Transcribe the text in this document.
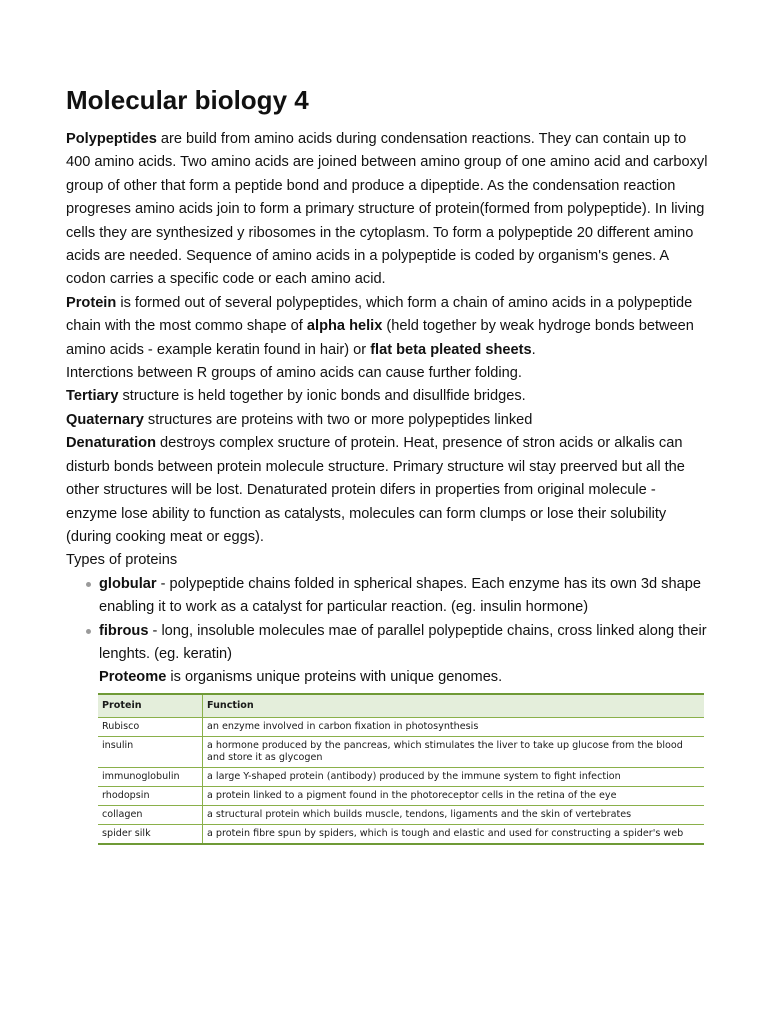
Molecular biology 4

Polypeptides are build from amino acids during condensation reactions. They can contain up to 400 amino acids. Two amino acids are joined between amino group of one amino acid and carboxyl group of other that form a peptide bond and produce a dipeptide. As the condensation reaction progreses amino acids join to form a primary structure of protein(formed from polypeptide). In living cells they are synthesized y ribosomes in the cytoplasm. To form a polypeptide 20 different amino acids are needed. Sequence of amino acids in a polypeptide is coded by organism's genes. A codon carries a specific code or each amino acid.

Protein is formed out of several polypeptides, which form a chain of amino acids in a polypeptide chain with the most commo shape of alpha helix (held together by weak hydroge bonds between amino acids - example keratin found in hair) or flat beta pleated sheets.

Interctions between R groups of amino acids can cause further folding.

Tertiary structure is held together by ionic bonds and disullfide bridges.

Quaternary structures are proteins with two or more polypeptides linked

Denaturation destroys complex sructure of protein. Heat, presence of stron acids or alkalis can disturb bonds between protein molecule structure. Primary structure wil stay preerved but all the other structures will be lost. Denaturated protein difers in properties from original molecule - enzyme lose ability to function as catalysts, molecules can form clumps or lose their solubility (during cooking meat or eggs).

Types of proteins

globular - polypeptide chains folded in spherical shapes. Each enzyme has its own 3d shape enabling it to work as a catalyst for particular reaction. (eg. insulin hormone)
fibrous - long, insoluble molecules mae of parallel polypeptide chains, cross linked along their lenghts. (eg. keratin)

Proteome is organisms unique proteins with unique genomes.

Protein	Function
Rubisco	an enzyme involved in carbon fixation in photosynthesis
insulin	a hormone produced by the pancreas, which stimulates the liver to take up glucose from the blood and store it as glycogen
immunoglobulin	a large Y-shaped protein (antibody) produced by the immune system to fight infection
rhodopsin	a protein linked to a pigment found in the photoreceptor cells in the retina of the eye
collagen	a structural protein which builds muscle, tendons, ligaments and the skin of vertebrates
spider silk	a protein fibre spun by spiders, which is tough and elastic and used for constructing a spider's web
